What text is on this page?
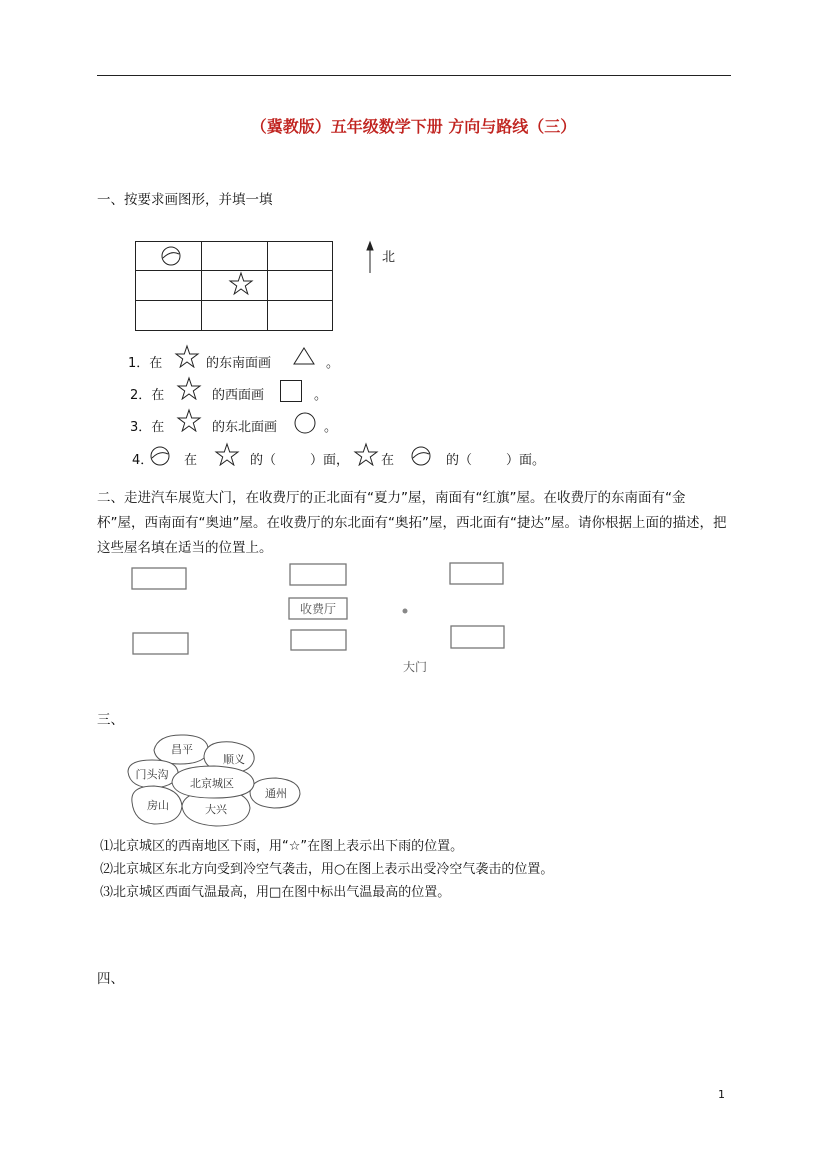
（冀教版）五年级数学下册 方向与路线（三）
一、按要求画图形，并填一填
北
1．在	的东南面画	。
2．在	的西面画	。
3．在	的东北面画	。
4． 在	的（	）面， 在	的（	）面。
二、走进汽车展览大门，在收费厅的正北面有“夏力”屋，南面有“红旗”屋。在收费厅的东南面有“金杯”屋，西南面有“奥迪”屋。在收费厅的东北面有“奥拓”屋，西北面有“捷达”屋。请你根据上面的描述，把这些屋名填在适当的位置上。
收费厅
大门
三、
昌平
顺义
门头沟
北京城区
通州
房山	大兴
⑴北京城区的西南地区下雨，用“☆”在图上表示出下雨的位置。
⑵北京城区东北方向受到冷空气袭击，用○在图上表示出受冷空气袭击的位置。
⑶北京城区西面气温最高，用□在图中标出气温最高的位置。
四、
1
